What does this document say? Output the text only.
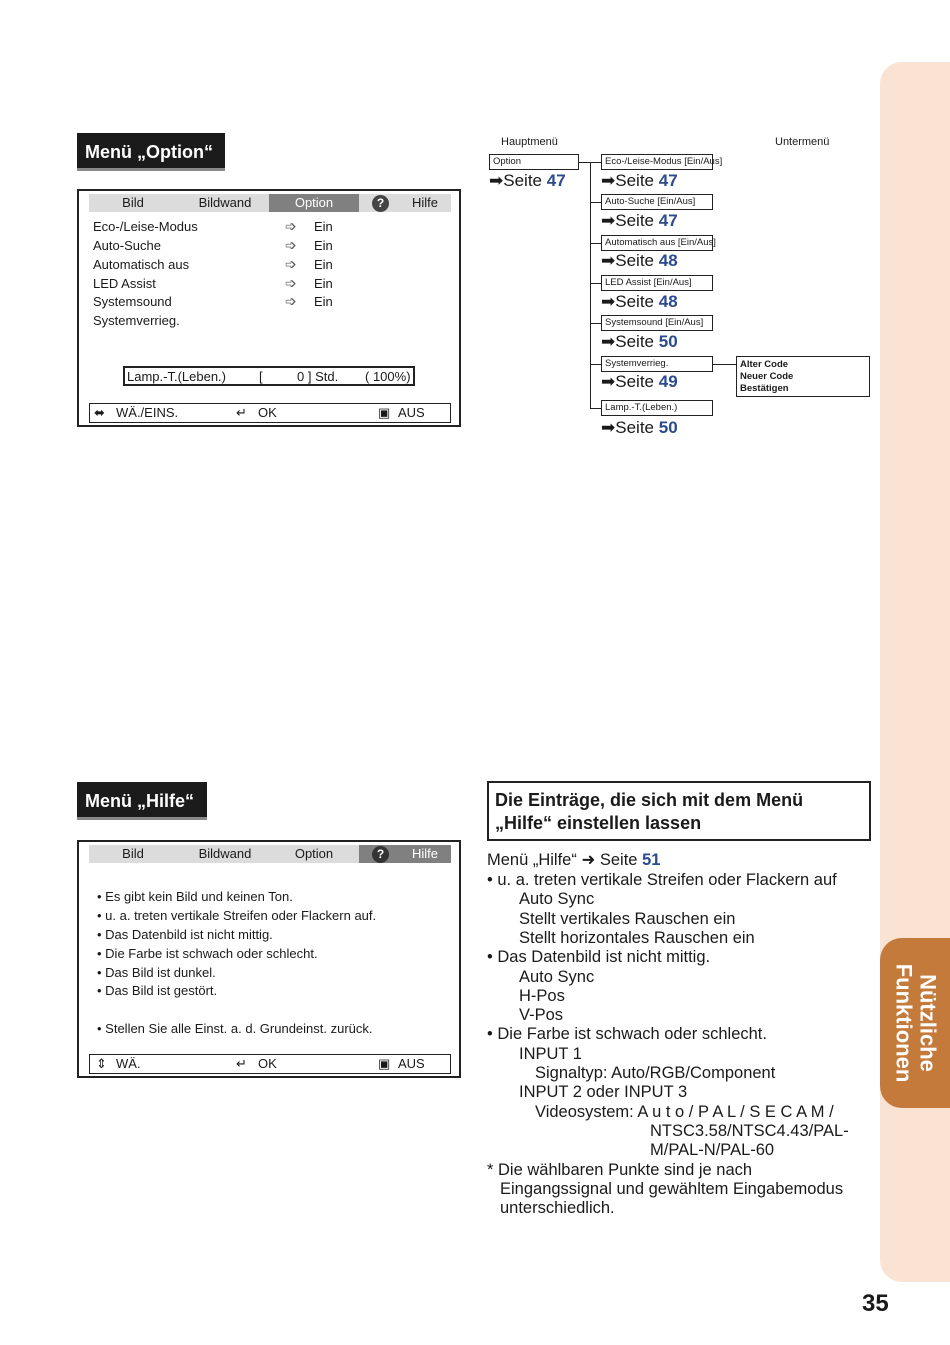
Nützliche
Funktionen
35
Menü „Option“
Bild	Bildwand	Option	?	Hilfe
Eco-/Leise-Modus	➩ Ein
Auto-Suche	➩ Ein
Automatisch aus	➩ Ein
LED Assist	➩ Ein
Systemsound	➩ Ein
Systemverrieg.
Lamp.-T.(Leben.)	[	0 ] Std. ( 100%)
⬌ WÄ./EINS.	↵ OK	▣ AUS
Hauptmenü	Untermenü
Option
➡Seite 47
Eco-/Leise-Modus [Ein/Aus]
➡Seite 47
Auto-Suche [Ein/Aus]
➡Seite 47
Automatisch aus [Ein/Aus]
➡Seite 48
LED Assist [Ein/Aus]
➡Seite 48
Systemsound [Ein/Aus]
➡Seite 50
Systemverrieg.
➡Seite 49
Alter Code
Neuer Code
Bestätigen
Lamp.-T.(Leben.)
➡Seite 50
Menü „Hilfe“
Bild	Bildwand	Option	?	Hilfe
• Es gibt kein Bild und keinen Ton.
• u. a. treten vertikale Streifen oder Flackern auf.
• Das Datenbild ist nicht mittig.
• Die Farbe ist schwach oder schlecht.
• Das Bild ist dunkel.
• Das Bild ist gestört.
• Stellen Sie alle Einst. a. d. Grundeinst. zurück.
⇕ WÄ.	↵ OK	▣ AUS
Die Einträge, die sich mit dem Menü
„Hilfe“ einstellen lassen
Menü „Hilfe“ ➜ Seite 51
• u. a. treten vertikale Streifen oder Flackern auf
Auto Sync
Stellt vertikales Rauschen ein
Stellt horizontales Rauschen ein
• Das Datenbild ist nicht mittig.
Auto Sync
H-Pos
V-Pos
• Die Farbe ist schwach oder schlecht.
INPUT 1
Signaltyp: Auto/RGB/Component
INPUT 2 oder INPUT 3
Videosystem: A u t o / P A L / S E C A M /
NTSC3.58/NTSC4.43/PAL-
M/PAL-N/PAL-60
* Die wählbaren Punkte sind je nach
Eingangssignal und gewähltem Eingabemodus
unterschiedlich.
